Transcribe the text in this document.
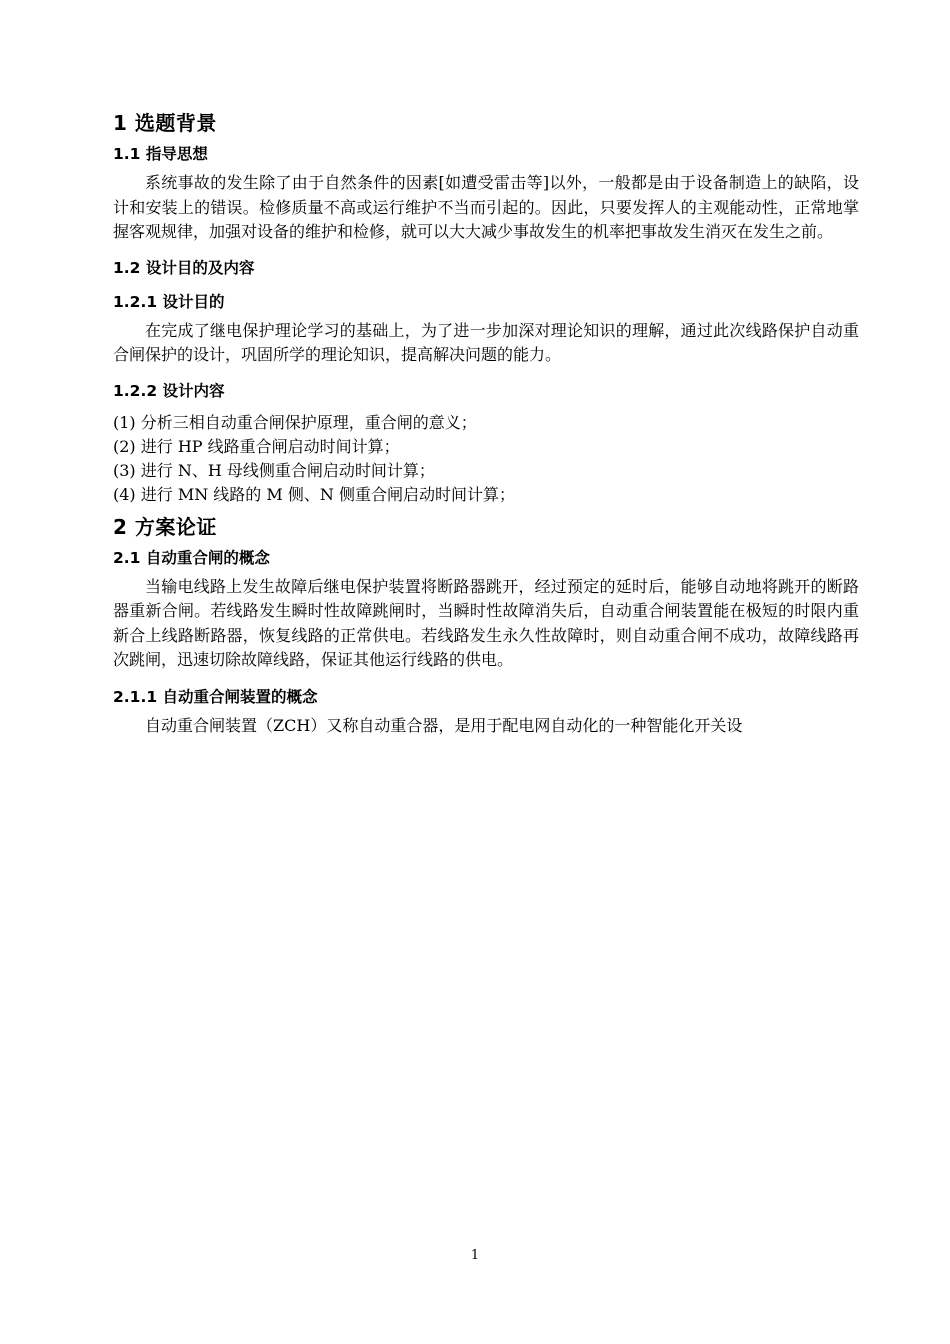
1 选题背景
1.1 指导思想

系统事故的发生除了由于自然条件的因素[如遭受雷击等]以外，一般都是由于设备制造上的缺陷，设计和安装上的错误。检修质量不高或运行维护不当而引起的。因此，只要发挥人的主观能动性，正常地掌握客观规律，加强对设备的维护和检修，就可以大大减少事故发生的机率把事故发生消灭在发生之前。

1.2 设计目的及内容
1.2.1 设计目的

在完成了继电保护理论学习的基础上，为了进一步加深对理论知识的理解，通过此次线路保护自动重合闸保护的设计，巩固所学的理论知识，提高解决问题的能力。

1.2.2 设计内容
(1) 分析三相自动重合闸保护原理，重合闸的意义；
(2) 进行 HP 线路重合闸启动时间计算；
(3) 进行 N、H 母线侧重合闸启动时间计算；
(4) 进行 MN 线路的 M 侧、N 侧重合闸启动时间计算；
2 方案论证
2.1 自动重合闸的概念

当输电线路上发生故障后继电保护装置将断路器跳开，经过预定的延时后，能够自动地将跳开的断路器重新合闸。若线路发生瞬时性故障跳闸时，当瞬时性故障消失后，自动重合闸装置能在极短的时限内重新合上线路断路器，恢复线路的正常供电。若线路发生永久性故障时，则自动重合闸不成功，故障线路再次跳闸，迅速切除故障线路，保证其他运行线路的供电。

2.1.1 自动重合闸装置的概念

自动重合闸装置（ZCH）又称自动重合器，是用于配电网自动化的一种智能化开关设

1
